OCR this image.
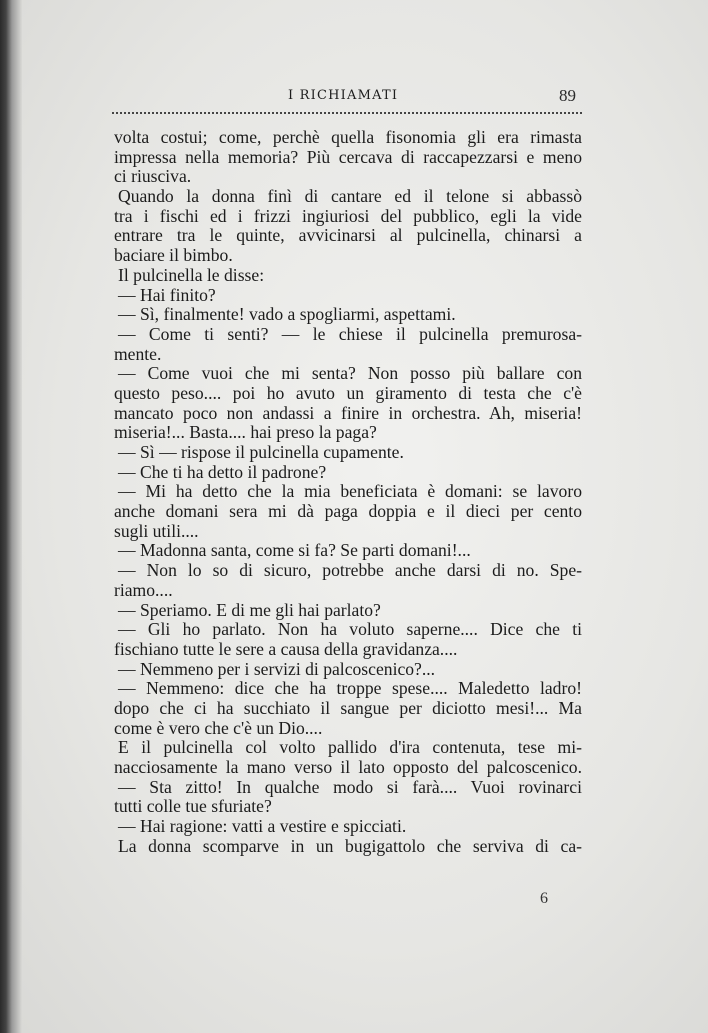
I RICHIAMATI	89
volta costui; come, perchè quella fisonomia gli era rimasta
impressa nella memoria? Più cercava di raccapezzarsi e meno
ci riusciva.
Quando la donna finì di cantare ed il telone si abbassò
tra i fischi ed i frizzi ingiuriosi del pubblico, egli la vide
entrare tra le quinte, avvicinarsi al pulcinella, chinarsi a
baciare il bimbo.
Il pulcinella le disse:
— Hai finito?
— Sì, finalmente! vado a spogliarmi, aspettami.
— Come ti senti? — le chiese il pulcinella premurosa-
mente.
— Come vuoi che mi senta? Non posso più ballare con
questo peso.... poi ho avuto un giramento di testa che c'è
mancato poco non andassi a finire in orchestra. Ah, miseria!
miseria!... Basta.... hai preso la paga?
— Sì — rispose il pulcinella cupamente.
— Che ti ha detto il padrone?
— Mi ha detto che la mia beneficiata è domani: se lavoro
anche domani sera mi dà paga doppia e il dieci per cento
sugli utili....
— Madonna santa, come si fa? Se parti domani!...
— Non lo so di sicuro, potrebbe anche darsi di no. Spe-
riamo....
— Speriamo. E di me gli hai parlato?
— Gli ho parlato. Non ha voluto saperne.... Dice che ti
fischiano tutte le sere a causa della gravidanza....
— Nemmeno per i servizi di palcoscenico?...
— Nemmeno: dice che ha troppe spese.... Maledetto ladro!
dopo che ci ha succhiato il sangue per diciotto mesi!... Ma
come è vero che c'è un Dio....
E il pulcinella col volto pallido d'ira contenuta, tese mi-
nacciosamente la mano verso il lato opposto del palcoscenico.
— Sta zitto! In qualche modo si farà.... Vuoi rovinarci
tutti colle tue sfuriate?
— Hai ragione: vatti a vestire e spicciati.
La donna scomparve in un bugigattolo che serviva di ca-
6
